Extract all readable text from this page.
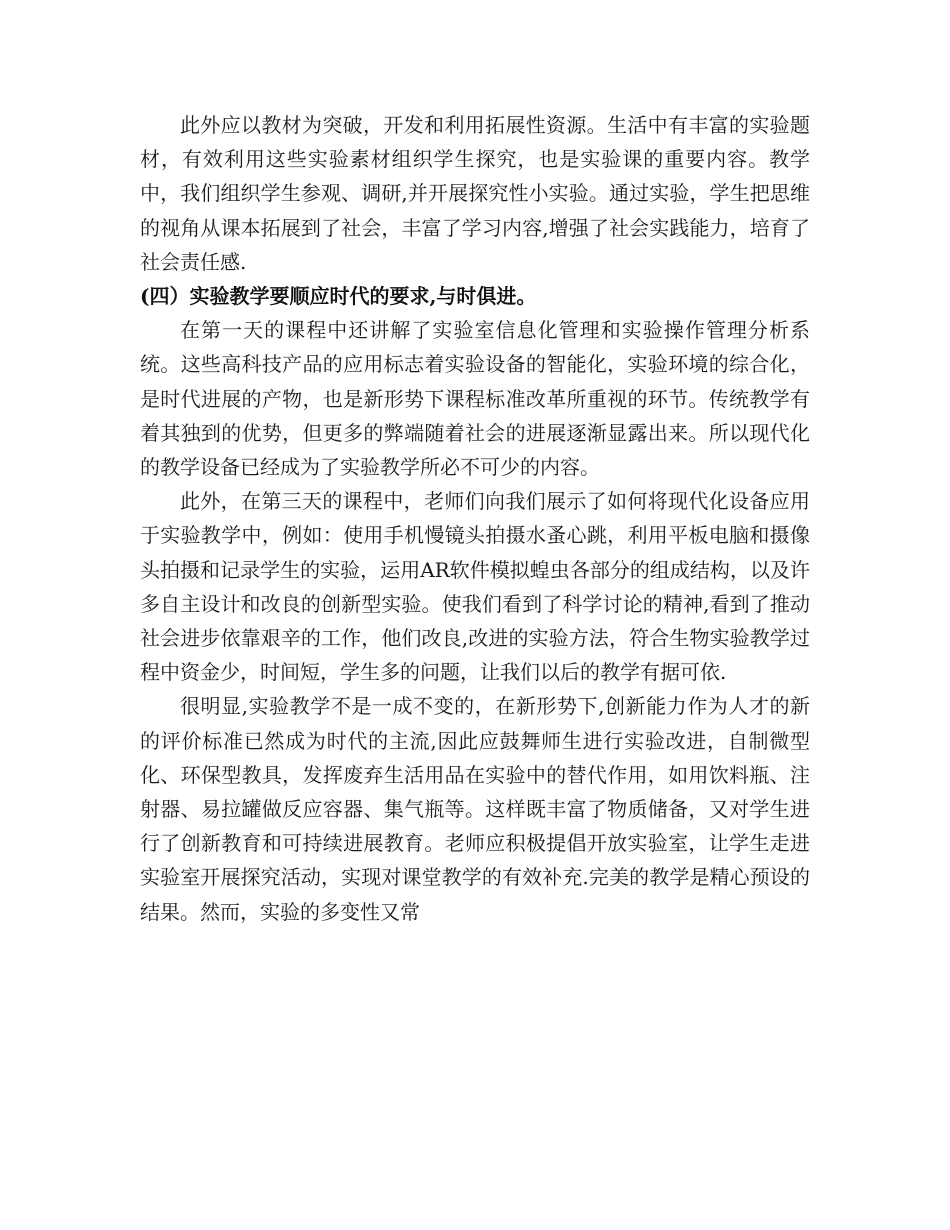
此外应以教材为突破，开发和利用拓展性资源。生活中有丰富的实验题材，有效利用这些实验素材组织学生探究，也是实验课的重要内容。教学中，我们组织学生参观、调研,并开展探究性小实验。通过实验，学生把思维的视角从课本拓展到了社会，丰富了学习内容,增强了社会实践能力，培育了社会责任感.

(四）实验教学要顺应时代的要求,与时俱进。

在第一天的课程中还讲解了实验室信息化管理和实验操作管理分析系统。这些高科技产品的应用标志着实验设备的智能化，实验环境的综合化，是时代进展的产物，也是新形势下课程标准改革所重视的环节。传统教学有着其独到的优势，但更多的弊端随着社会的进展逐渐显露出来。所以现代化的教学设备已经成为了实验教学所必不可少的内容。

此外，在第三天的课程中，老师们向我们展示了如何将现代化设备应用于实验教学中，例如：使用手机慢镜头拍摄水蚤心跳，利用平板电脑和摄像头拍摄和记录学生的实验，运用AR软件模拟蝗虫各部分的组成结构，以及许多自主设计和改良的创新型实验。使我们看到了科学讨论的精神,看到了推动社会进步依靠艰辛的工作，他们改良,改进的实验方法，符合生物实验教学过程中资金少，时间短，学生多的问题，让我们以后的教学有据可依.

很明显,实验教学不是一成不变的，在新形势下,创新能力作为人才的新的评价标准已然成为时代的主流,因此应鼓舞师生进行实验改进，自制微型化、环保型教具，发挥废弃生活用品在实验中的替代作用，如用饮料瓶、注射器、易拉罐做反应容器、集气瓶等。这样既丰富了物质储备，又对学生进行了创新教育和可持续进展教育。老师应积极提倡开放实验室，让学生走进实验室开展探究活动，实现对课堂教学的有效补充.完美的教学是精心预设的结果。然而，实验的多变性又常
